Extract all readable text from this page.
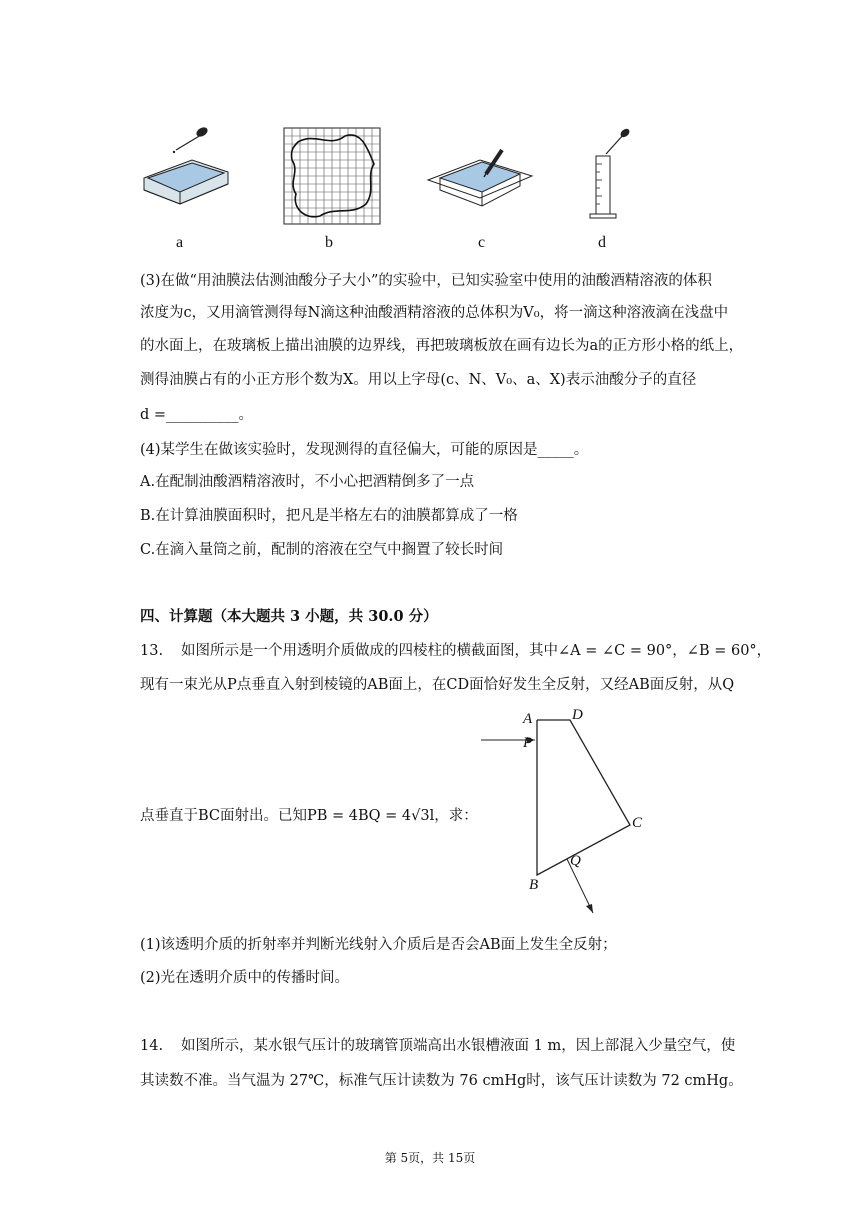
a	b	c	d
(3)在做“用油膜法估测油酸分子大小”的实验中，已知实验室中使用的油酸酒精溶液的体积
浓度为c，又用滴管测得每N滴这种油酸酒精溶液的总体积为V₀，将一滴这种溶液滴在浅盘中
的水面上，在玻璃板上描出油膜的边界线，再把玻璃板放在画有边长为a的正方形小格的纸上，
测得油膜占有的小正方形个数为X。用以上字母(c、N、V₀、a、X)表示油酸分子的直径
d =__________。
(4)某学生在做该实验时，发现测得的直径偏大，可能的原因是_____。
A.在配制油酸酒精溶液时，不小心把酒精倒多了一点
B.在计算油膜面积时，把凡是半格左右的油膜都算成了一格
C.在滴入量筒之前，配制的溶液在空气中搁置了较长时间
四、计算题（本大题共 3 小题，共 30.0 分）
13. 如图所示是一个用透明介质做成的四棱柱的横截面图，其中∠A = ∠C = 90°，∠B = 60°，
现有一束光从P点垂直入射到棱镜的AB面上，在CD面恰好发生全反射，又经AB面反射，从Q
点垂直于BC面射出。已知PB = 4BQ = 4√3l，求：
A	D
P
C
Q
B
(1)该透明介质的折射率并判断光线射入介质后是否会AB面上发生全反射；
(2)光在透明介质中的传播时间。
14. 如图所示，某水银气压计的玻璃管顶端高出水银槽液面 1 m，因上部混入少量空气，使
其读数不准。当气温为 27℃，标准气压计读数为 76 cmHg时，该气压计读数为 72 cmHg。
第 5页，共 15页
